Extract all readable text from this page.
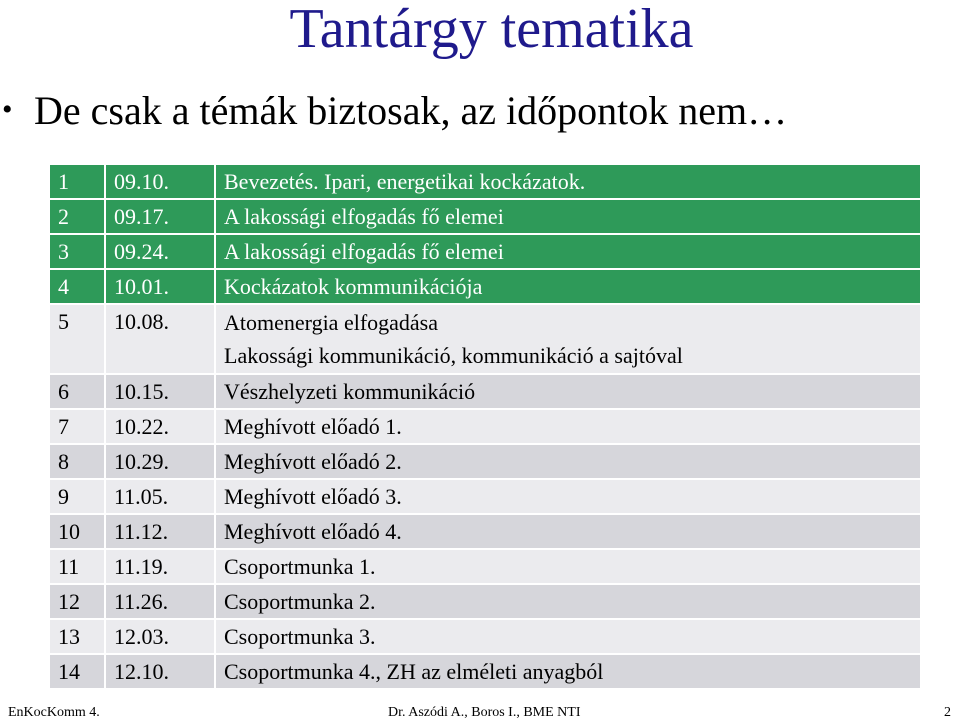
Tantárgy tematika
• De csak a témák biztosak, az időpontok nem…
1	09.10.	Bevezetés. Ipari, energetikai kockázatok.
2	09.17.	A lakossági elfogadás fő elemei
3	09.24.	A lakossági elfogadás fő elemei
4	10.01.	Kockázatok kommunikációja
5	10.08.	Atomenergia elfogadása
Lakossági kommunikáció, kommunikáció a sajtóval

6	10.15.	Vészhelyzeti kommunikáció
7	10.22.	Meghívott előadó 1.
8	10.29.	Meghívott előadó 2.
9	11.05.	Meghívott előadó 3.
10	11.12.	Meghívott előadó 4.
11	11.19.	Csoportmunka 1.
12	11.26.	Csoportmunka 2.
13	12.03.	Csoportmunka 3.
14	12.10.	Csoportmunka 4., ZH az elméleti anyagból
EnKocKomm 4.	Dr. Aszódi A., Boros I., BME NTI	2
